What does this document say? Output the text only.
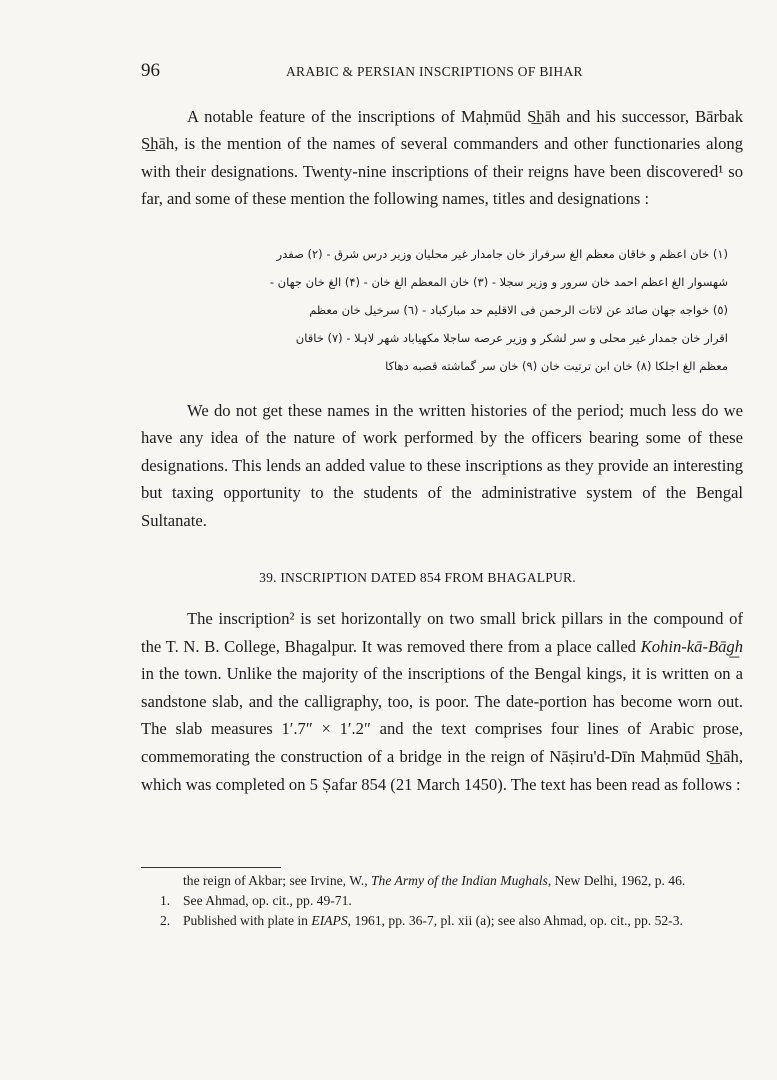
96	ARABIC & PERSIAN INSCRIPTIONS OF BIHAR

A notable feature of the inscriptions of Maḥmūd S͟hāh and his successor, Bārbak S͟hāh, is the mention of the names of several commanders and other functionaries along with their designations. Twenty-nine inscriptions of their reigns have been discovered¹ so far, and some of these mention the following names, titles and designations :

(١) خان اعظم و خاقان معظم الغ سرفراز خان جامدار غیر محلیان وزیر درس شرق - (٢) صفدر
شهسوار الغ اعظم احمد خان سرور و وزیر سجلا - (٣) خان المعظم الغ خان - (۴) الغ خان جهان -
(٥) خواجه جهان صائد عن لاتات الرحمن فی الاقلیم حد مبارکباد - (٦) سرخیل خان معظم
اقرار خان جمدار غیر محلی و سر لشکر و وزیر عرصه ساجلا مکهیاباد شهر لاہلا - (٧) خاقان
معظم الغ اجلکا (٨) خان ابن ترتیت خان (٩) خان سر گماشته قصبه دهاکا

We do not get these names in the written histories of the period; much less do we have any idea of the nature of work performed by the officers bearing some of these designations. This lends an added value to these inscriptions as they provide an interesting but taxing opportunity to the students of the administrative system of the Bengal Sultanate.

39. INSCRIPTION DATED 854 FROM BHAGALPUR.

The inscription² is set horizontally on two small brick pillars in the compound of the T. N. B. College, Bhagalpur. It was removed there from a place called Kohin-kā-Bāg͟h in the town. Unlike the majority of the inscriptions of the Bengal kings, it is written on a sandstone slab, and the calligraphy, too, is poor. The date-portion has become worn out. The slab measures 1′.7″ × 1′.2″ and the text comprises four lines of Arabic prose, commemorating the construction of a bridge in the reign of Nāṣiru'd-Dīn Maḥmūd S͟hāh, which was completed on 5 Ṣafar 854 (21 March 1450). The text has been read as follows :

the reign of Akbar; see Irvine, W., The Army of the Indian Mughals, New Delhi, 1962, p. 46.
1. See Ahmad, op. cit., pp. 49-71.
2. Published with plate in EIAPS, 1961, pp. 36-7, pl. xii (a); see also Ahmad, op. cit., pp. 52-3.
